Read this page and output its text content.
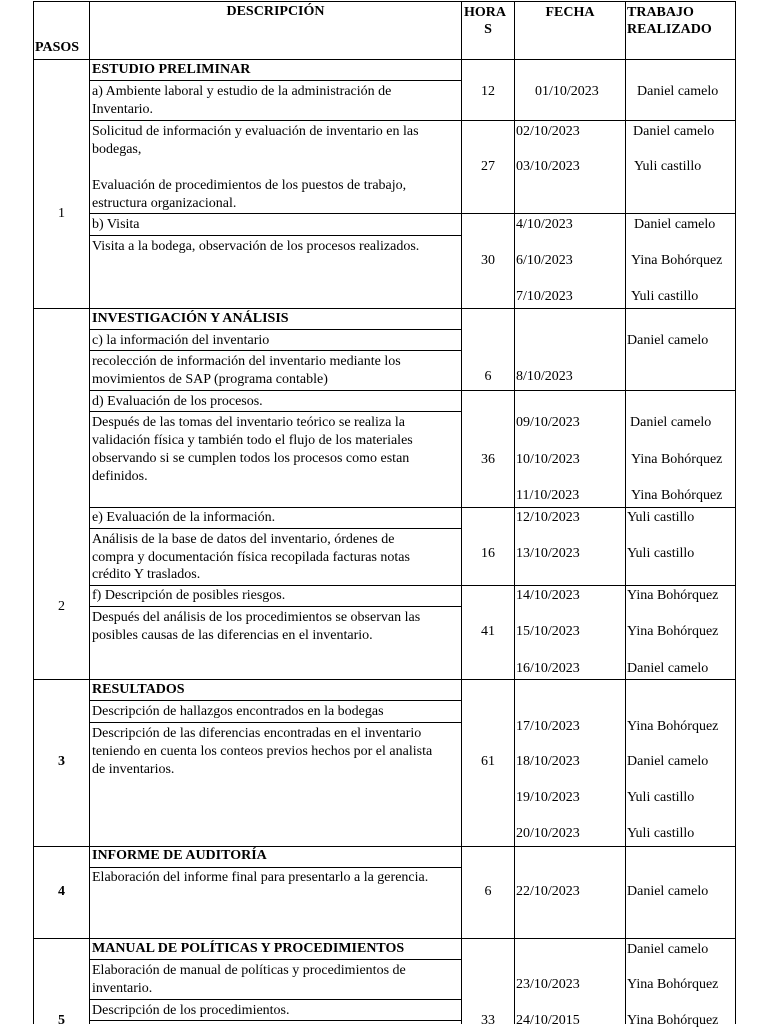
PASOS
DESCRIPCIÓN	HORA
S
FECHA	TRABAJO
REALIZADO
1
2
3
4
5
ESTUDIO PRELIMINAR
INVESTIGACIÓN Y ANÁLISIS
RESULTADOS
INFORME DE AUDITORÍA
MANUAL DE POLÍTICAS Y PROCEDIMIENTOS
a) Ambiente laboral y estudio de la administración de
Inventario.
Solicitud de información y evaluación de inventario en las
bodegas,
Evaluación de procedimientos de los puestos de trabajo,
estructura organizacional.
b) Visita
Visita a la bodega, observación de los procesos realizados.
c) la información del inventario
recolección de información del inventario mediante los
movimientos de SAP (programa contable)
d) Evaluación de los procesos.
Después de las tomas del inventario teórico se realiza la
validación física y también todo el flujo de los materiales
observando si se cumplen todos los procesos como estan
definidos.
e) Evaluación de la información.
Análisis de la base de datos del inventario, órdenes de
compra y documentación física recopilada facturas notas
crédito Y traslados.
f) Descripción de posibles riesgos.
Después del análisis de los procedimientos se observan las
posibles causas de las diferencias en el inventario.
Descripción de hallazgos encontrados en la bodegas
Descripción de las diferencias encontradas en el inventario
teniendo en cuenta los conteos previos hechos por el analista
de inventarios.
Elaboración del informe final para presentarlo a la gerencia.
Elaboración de manual de políticas y procedimientos de
inventario.
Descripción de los procedimientos.
12
27
30
6
36
16
41
61
6
33
01/10/2023
02/10/2023
03/10/2023
4/10/2023
6/10/2023
7/10/2023
8/10/2023
09/10/2023
10/10/2023
11/10/2023
12/10/2023
13/10/2023
14/10/2023
15/10/2023
16/10/2023
17/10/2023
18/10/2023
19/10/2023
20/10/2023
22/10/2023
23/10/2023
24/10/2015
Daniel camelo
Daniel camelo
Yuli castillo
Daniel camelo
Yina Bohórquez
Yuli castillo
Daniel camelo
Daniel camelo
Yina Bohórquez
Yina Bohórquez
Yuli castillo
Yuli castillo
Yina Bohórquez
Yina Bohórquez
Daniel camelo
Yina Bohórquez
Daniel camelo
Yuli castillo
Yuli castillo
Daniel camelo
Daniel camelo
Yina Bohórquez
Yina Bohórquez
